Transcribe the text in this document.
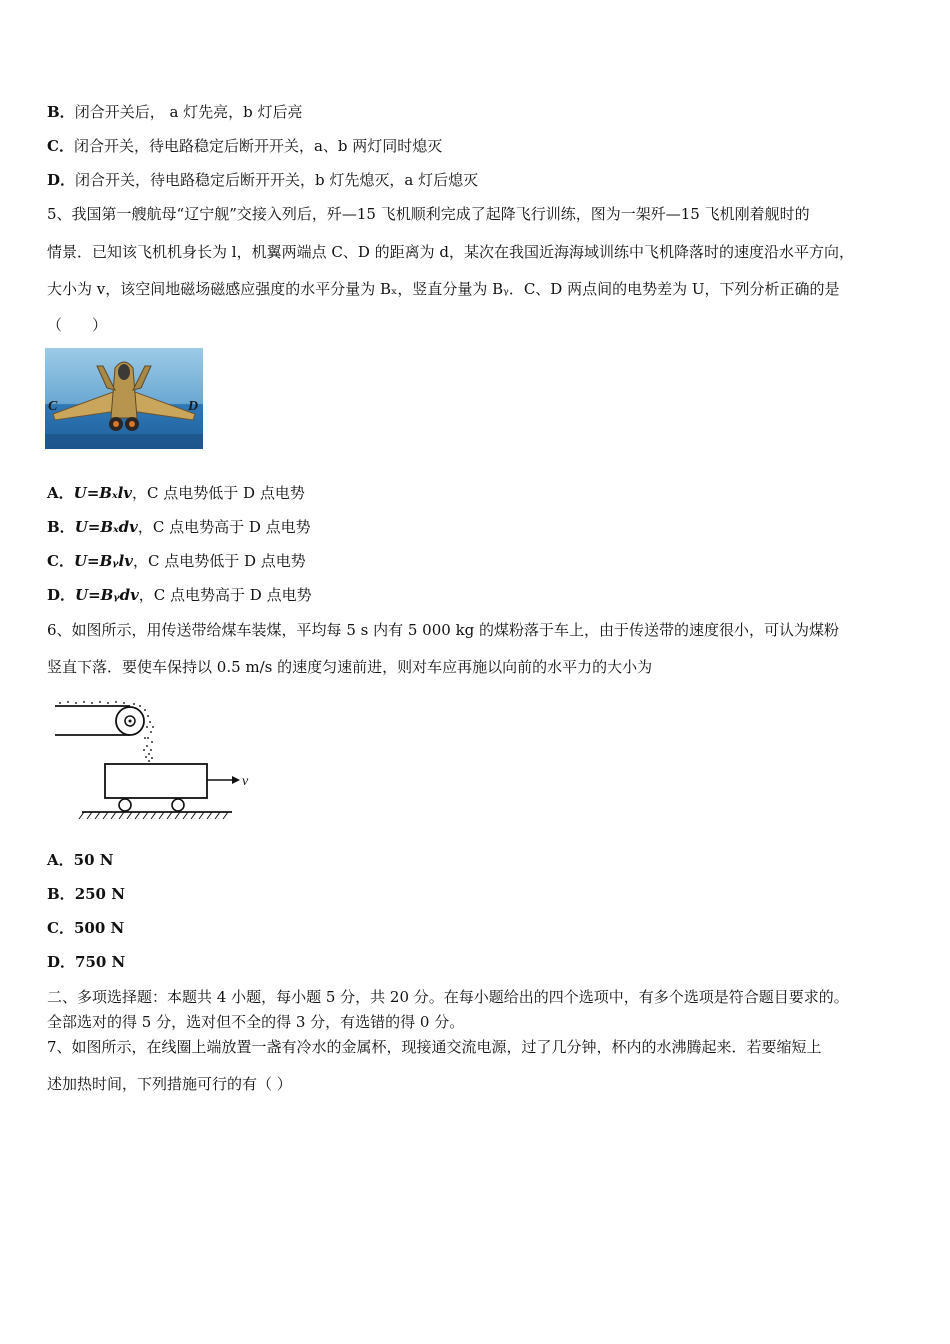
B．闭合开关后， a 灯先亮，b 灯后亮
C．闭合开关，待电路稳定后断开开关，a、b 两灯同时熄灭
D．闭合开关，待电路稳定后断开开关，b 灯先熄灭，a 灯后熄灭
5、我国第一艘航母“辽宁舰”交接入列后，歼—15 飞机顺利完成了起降飞行训练，图为一架歼—15 飞机刚着舰时的
情景．已知该飞机机身长为 l，机翼两端点 C、D 的距离为 d，某次在我国近海海域训练中飞机降落时的速度沿水平方向，
大小为 v，该空间地磁场磁感应强度的水平分量为 Bₓ，竖直分量为 Bᵧ．C、D 两点间的电势差为 U，下列分析正确的是
（　　）
C	D
A．U=Bₓlv，C 点电势低于 D 点电势
B．U=Bₓdv，C 点电势高于 D 点电势
C．U=Bᵧlv，C 点电势低于 D 点电势
D．U=Bᵧdv，C 点电势高于 D 点电势
6、如图所示，用传送带给煤车装煤，平均每 5 s 内有 5 000 kg 的煤粉落于车上，由于传送带的速度很小，可认为煤粉
竖直下落．要使车保持以 0.5 m/s 的速度匀速前进，则对车应再施以向前的水平力的大小为
v
A．50 N
B．250 N
C．500 N
D．750 N
二、多项选择题：本题共 4 小题，每小题 5 分，共 20 分。在每小题给出的四个选项中，有多个选项是符合题目要求的。
全部选对的得 5 分，选对但不全的得 3 分，有选错的得 0 分。
7、如图所示，在线圈上端放置一盏有冷水的金属杯，现接通交流电源，过了几分钟，杯内的水沸腾起来．若要缩短上
述加热时间，下列措施可行的有（ ）
